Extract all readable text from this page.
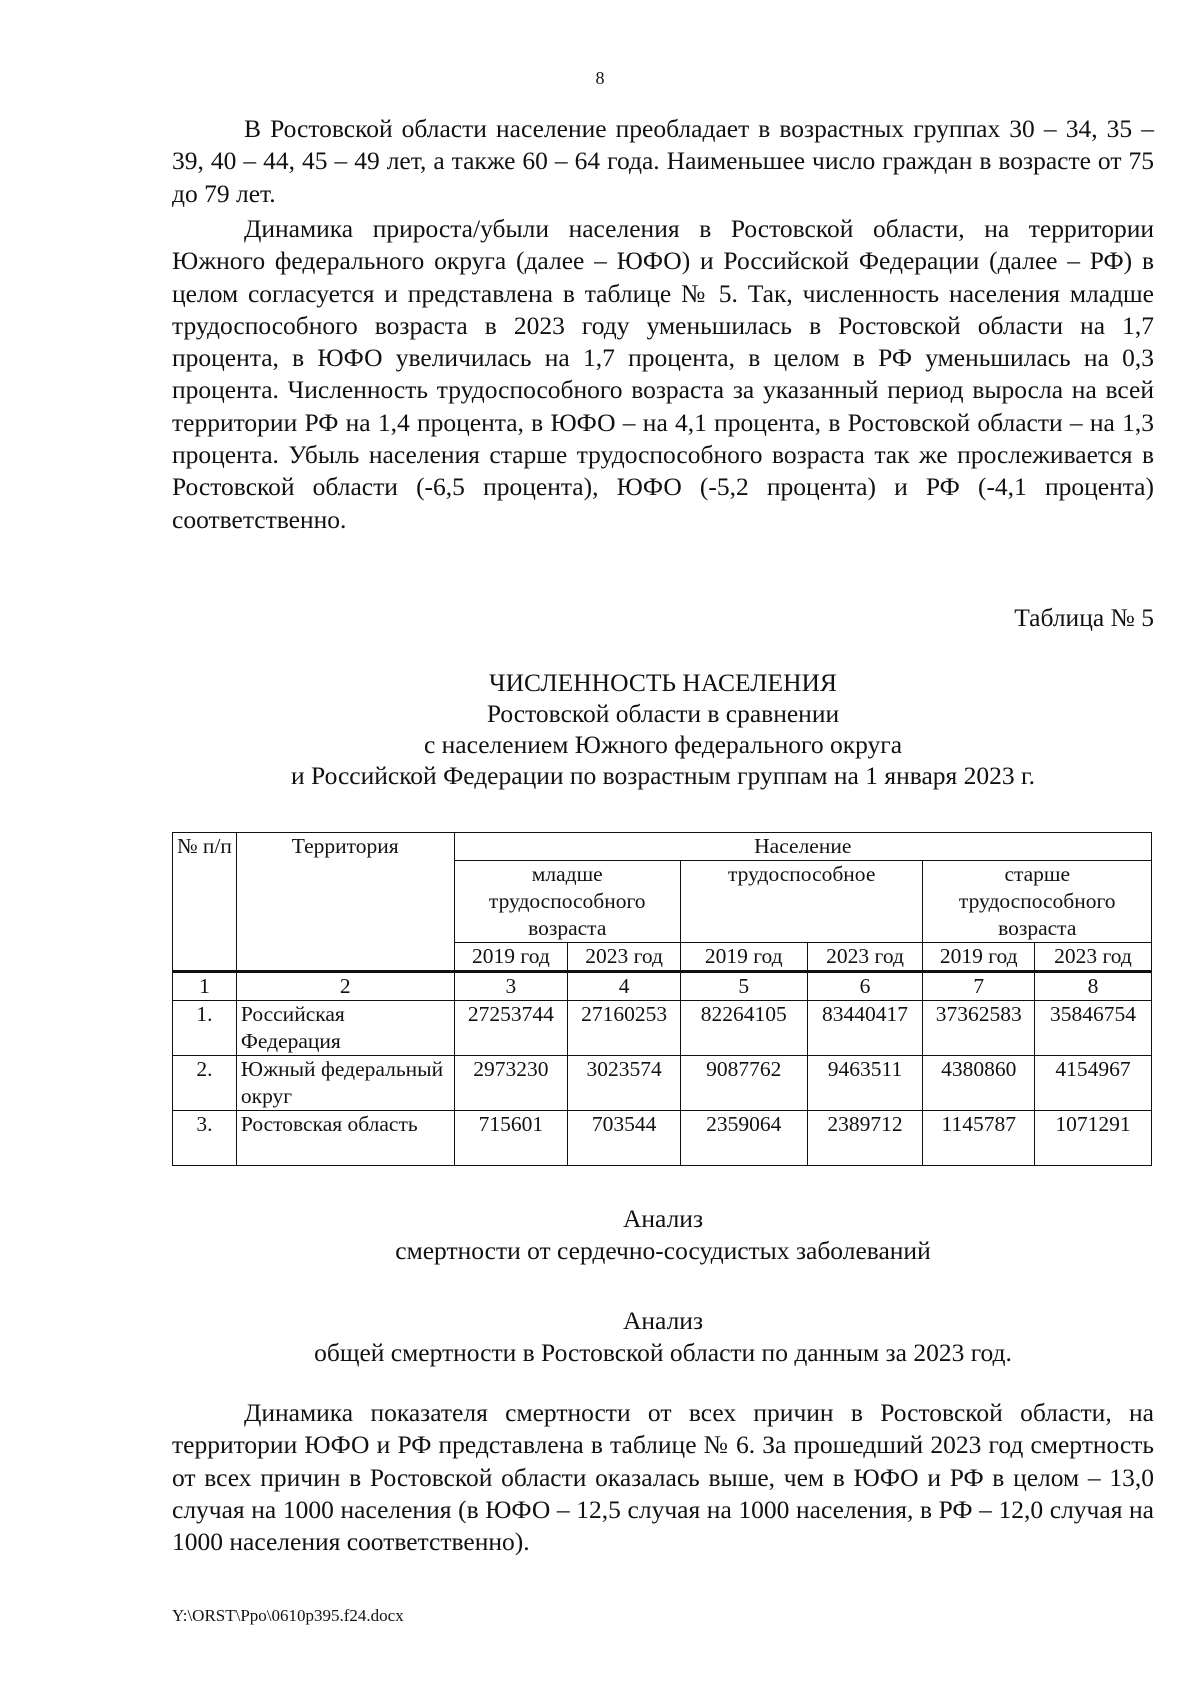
8

В Ростовской области население преобладает в возрастных группах 30 – 34, 35 – 39, 40 – 44, 45 – 49 лет, а также 60 – 64 года. Наименьшее число граждан в возрасте от 75 до 79 лет.

Динамика прироста/убыли населения в Ростовской области, на территории Южного федерального округа (далее – ЮФО) и Российской Федерации (далее – РФ) в целом согласуется и представлена в таблице № 5. Так, численность населения младше трудоспособного возраста в 2023 году уменьшилась в Ростовской области на 1,7 процента, в ЮФО увеличилась на 1,7 процента, в целом в РФ уменьшилась на 0,3 процента. Численность трудоспособного возраста за указанный период выросла на всей территории РФ на 1,4 процента, в ЮФО – на 4,1 процента, в Ростовской области – на 1,3 процента. Убыль населения старше трудоспособного возраста так же прослеживается в Ростовской области (-6,5 процента), ЮФО (-5,2 процента) и РФ (-4,1 процента) соответственно.

Таблица № 5
ЧИСЛЕННОСТЬ НАСЕЛЕНИЯ
Ростовской области в сравнении
с населением Южного федерального округа
и Российской Федерации по возрастным группам на 1 января 2023 г.
№ п/п	Территория	Население					
		младше трудоспособного возраста		трудоспособное		старше трудоспособного возраста	
		2019 год	2023 год	2019 год	2023 год	2019 год	2023 год
1	2	3	4	5	6	7	8
1.	Российская Федерация	27253744	27160253	82264105	83440417	37362583	35846754
2.	Южный федеральный округ	2973230	3023574	9087762	9463511	4380860	4154967
3.	Ростовская область	715601	703544	2359064	2389712	1145787	1071291
Анализ
смертности от сердечно-сосудистых заболеваний
Анализ
общей смертности в Ростовской области по данным за 2023 год.

Динамика показателя смертности от всех причин в Ростовской области, на территории ЮФО и РФ представлена в таблице № 6. За прошедший 2023 год смертность от всех причин в Ростовской области оказалась выше, чем в ЮФО и РФ в целом – 13,0 случая на 1000 населения (в ЮФО – 12,5 случая на 1000 населения, в РФ – 12,0 случая на 1000 населения соответственно).

Y:\ORST\Ppo\0610p395.f24.docx
